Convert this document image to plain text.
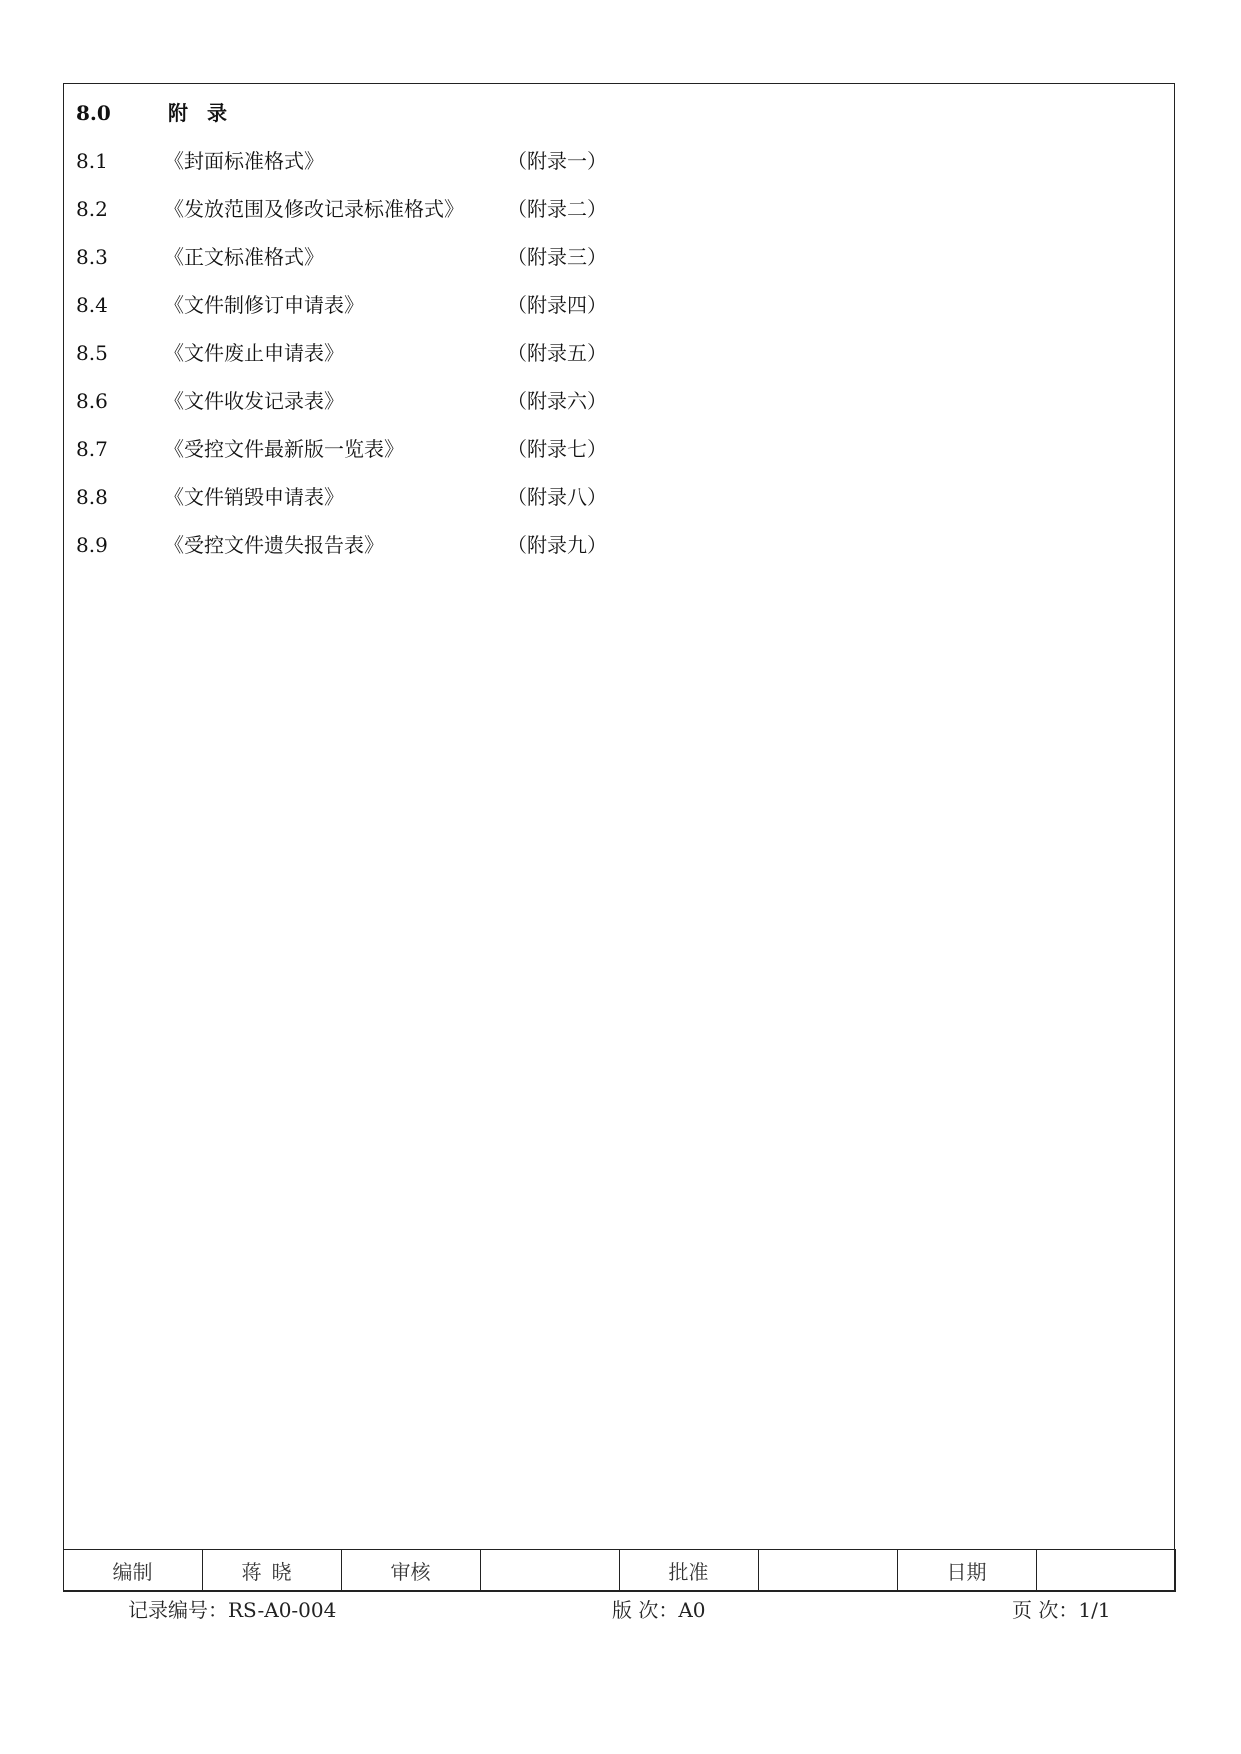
8.0	附 录
8.1	《封面标准格式》	（附录一）
8.2	《发放范围及修改记录标准格式》 （附录二）
8.3	《正文标准格式》	（附录三）
8.4	《文件制修订申请表》	（附录四）
8.5	《文件废止申请表》	（附录五）
8.6	《文件收发记录表》	（附录六）
8.7	《受控文件最新版一览表》	（附录七）
8.8	《文件销毁申请表》	（附录八）
8.9	《受控文件遗失报告表》	（附录九）
编制	蒋晓	审核		批准		日期	
记录编号：RS-A0-004	版 次：A0	页 次：1/1
